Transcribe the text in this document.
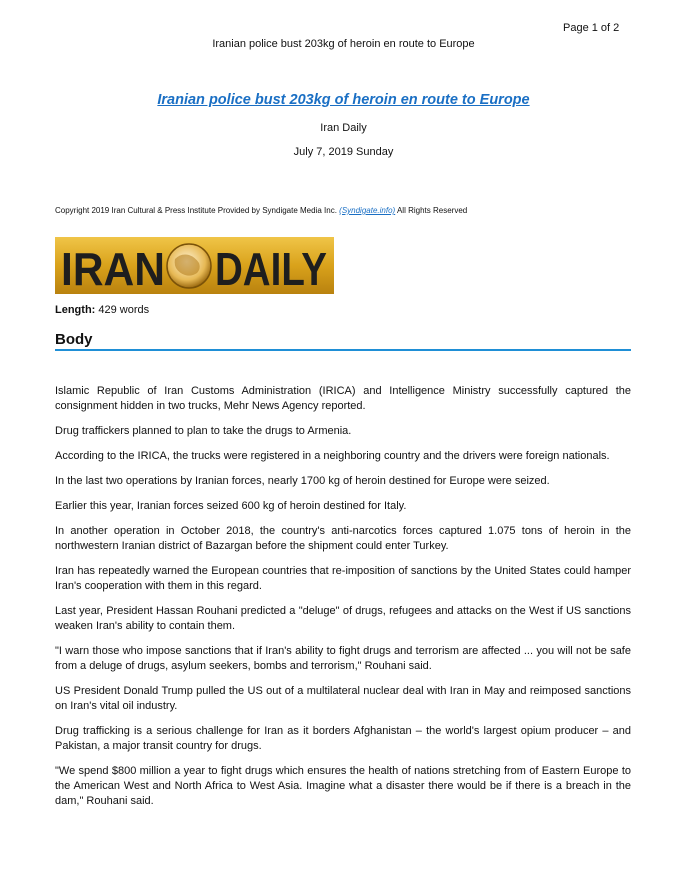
Page 1 of 2
Iranian police bust 203kg of heroin en route to Europe
Iranian police bust 203kg of heroin en route to Europe
Iran Daily
July 7, 2019 Sunday
Copyright 2019 Iran Cultural & Press Institute Provided by Syndigate Media Inc. (Syndigate.info) All Rights Reserved
IRAN DAILY
Length: 429 words
Body

Islamic Republic of Iran Customs Administration (IRICA) and Intelligence Ministry successfully captured the consignment hidden in two trucks, Mehr News Agency reported.

Drug traffickers planned to plan to take the drugs to Armenia.

According to the IRICA, the trucks were registered in a neighboring country and the drivers were foreign nationals.

In the last two operations by Iranian forces, nearly 1700 kg of heroin destined for Europe were seized.

Earlier this year, Iranian forces seized 600 kg of heroin destined for Italy.

In another operation in October 2018, the country's anti-narcotics forces captured 1.075 tons of heroin in the northwestern Iranian district of Bazargan before the shipment could enter Turkey.

Iran has repeatedly warned the European countries that re-imposition of sanctions by the United States could hamper Iran's cooperation with them in this regard.

Last year, President Hassan Rouhani predicted a "deluge" of drugs, refugees and attacks on the West if US sanctions weaken Iran's ability to contain them.

"I warn those who impose sanctions that if Iran's ability to fight drugs and terrorism are affected ... you will not be safe from a deluge of drugs, asylum seekers, bombs and terrorism," Rouhani said.

US President Donald Trump pulled the US out of a multilateral nuclear deal with Iran in May and reimposed sanctions on Iran's vital oil industry.

Drug trafficking is a serious challenge for Iran as it borders Afghanistan – the world's largest opium producer – and Pakistan, a major transit country for drugs.

"We spend $800 million a year to fight drugs which ensures the health of nations stretching from of Eastern Europe to the American West and North Africa to West Asia. Imagine what a disaster there would be if there is a breach in the dam," Rouhani said.
